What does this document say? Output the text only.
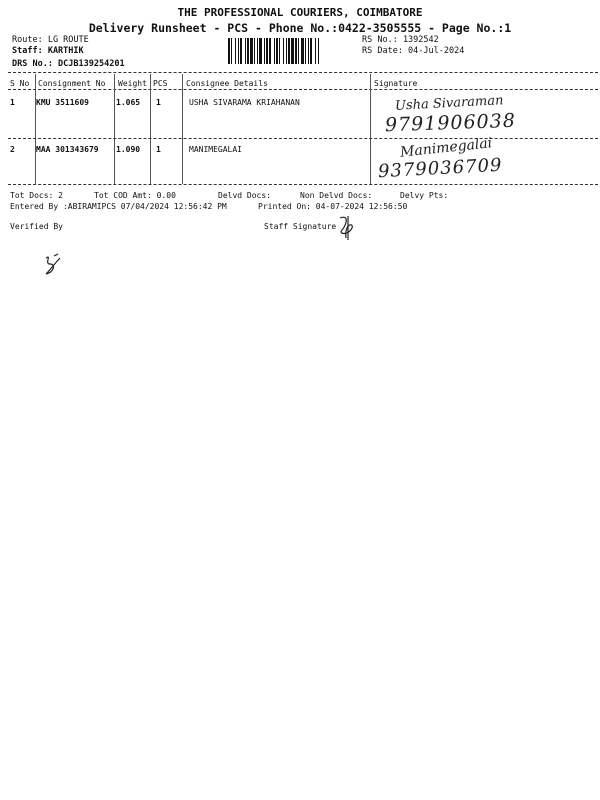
THE PROFESSIONAL COURIERS, COIMBATORE
Delivery Runsheet - PCS - Phone No.:0422-3505555 - Page No.:1
Route: LG ROUTE
Staff: KARTHIK
DRS No.: DCJB139254201
RS No.: 1392542
RS Date: 04-Jul-2024
S No Consignment No Weight PCS Consignee Details	Signature
1	KMU 3511609	1.065 1	USHA SIVARAMA KRIAHANAN	Usha Sivaraman
9791906038
2	MAA 301343679 1.090 1	MANIMEGALAI	Manimegalai
9379036709
Tot Docs: 2	Tot COD Amt: 0.00	Delvd Docs:	Non Delvd Docs:	Delvy Pts:
Entered By :ABIRAMIPCS 07/04/2024 12:56:42 PM	Printed On: 04-07-2024 12:56:50
Verified By	Staff Signature
